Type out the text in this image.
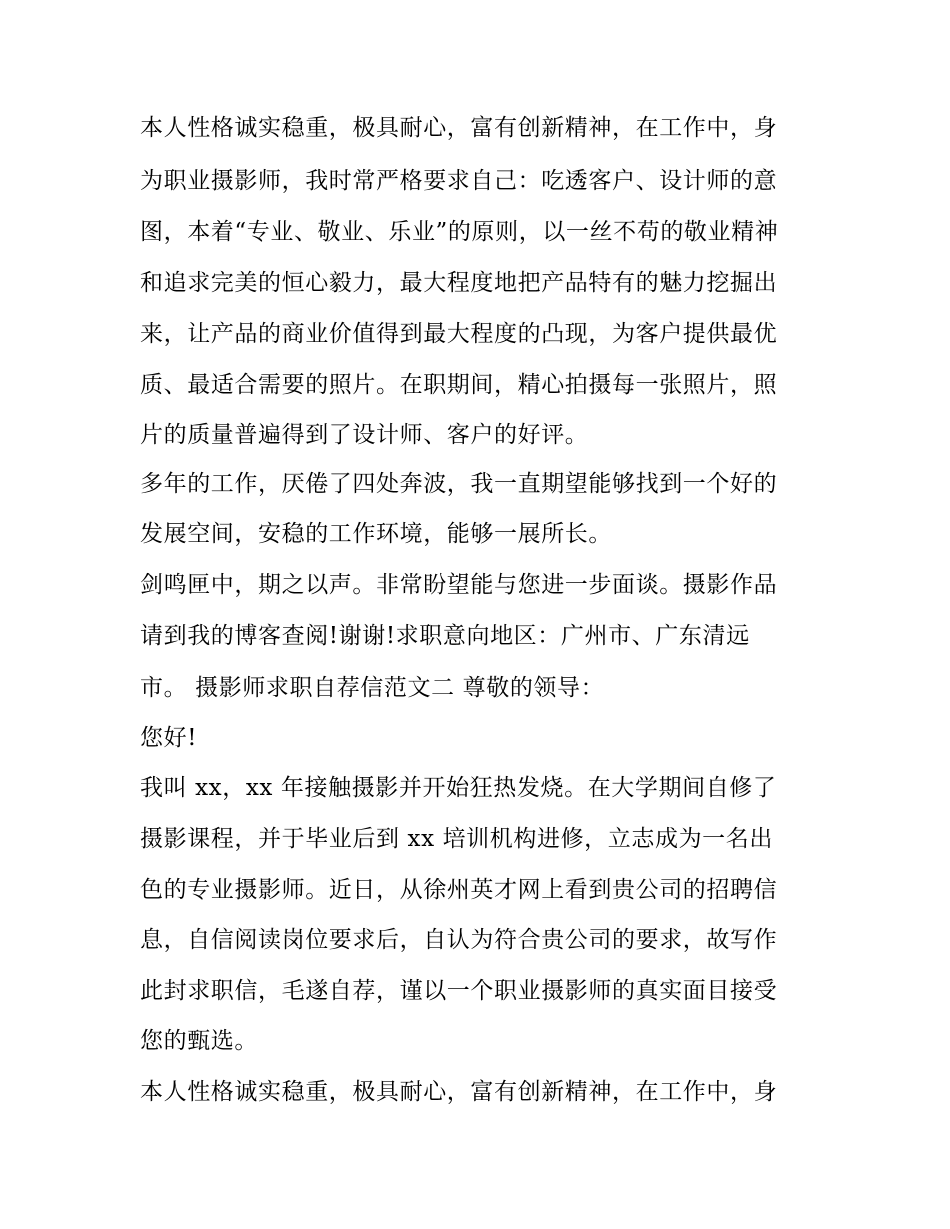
本人性格诚实稳重，极具耐心，富有创新精神，在工作中，身
为职业摄影师，我时常严格要求自己：吃透客户、设计师的意
图，本着“专业、敬业、乐业”的原则，以一丝不苟的敬业精神
和追求完美的恒心毅力，最大程度地把产品特有的魅力挖掘出
来，让产品的商业价值得到最大程度的凸现，为客户提供最优
质、最适合需要的照片。在职期间，精心拍摄每一张照片，照
片的质量普遍得到了设计师、客户的好评。
多年的工作，厌倦了四处奔波，我一直期望能够找到一个好的
发展空间，安稳的工作环境，能够一展所长。
剑鸣匣中，期之以声。非常盼望能与您进一步面谈。摄影作品
请到我的博客查阅!谢谢!求职意向地区：广州市、广东清远
市。 摄影师求职自荐信范文二 尊敬的领导：
您好!
我叫 xx，xx 年接触摄影并开始狂热发烧。在大学期间自修了
摄影课程，并于毕业后到 xx 培训机构进修，立志成为一名出
色的专业摄影师。近日，从徐州英才网上看到贵公司的招聘信
息，自信阅读岗位要求后，自认为符合贵公司的要求，故写作
此封求职信，毛遂自荐，谨以一个职业摄影师的真实面目接受
您的甄选。
本人性格诚实稳重，极具耐心，富有创新精神，在工作中，身
